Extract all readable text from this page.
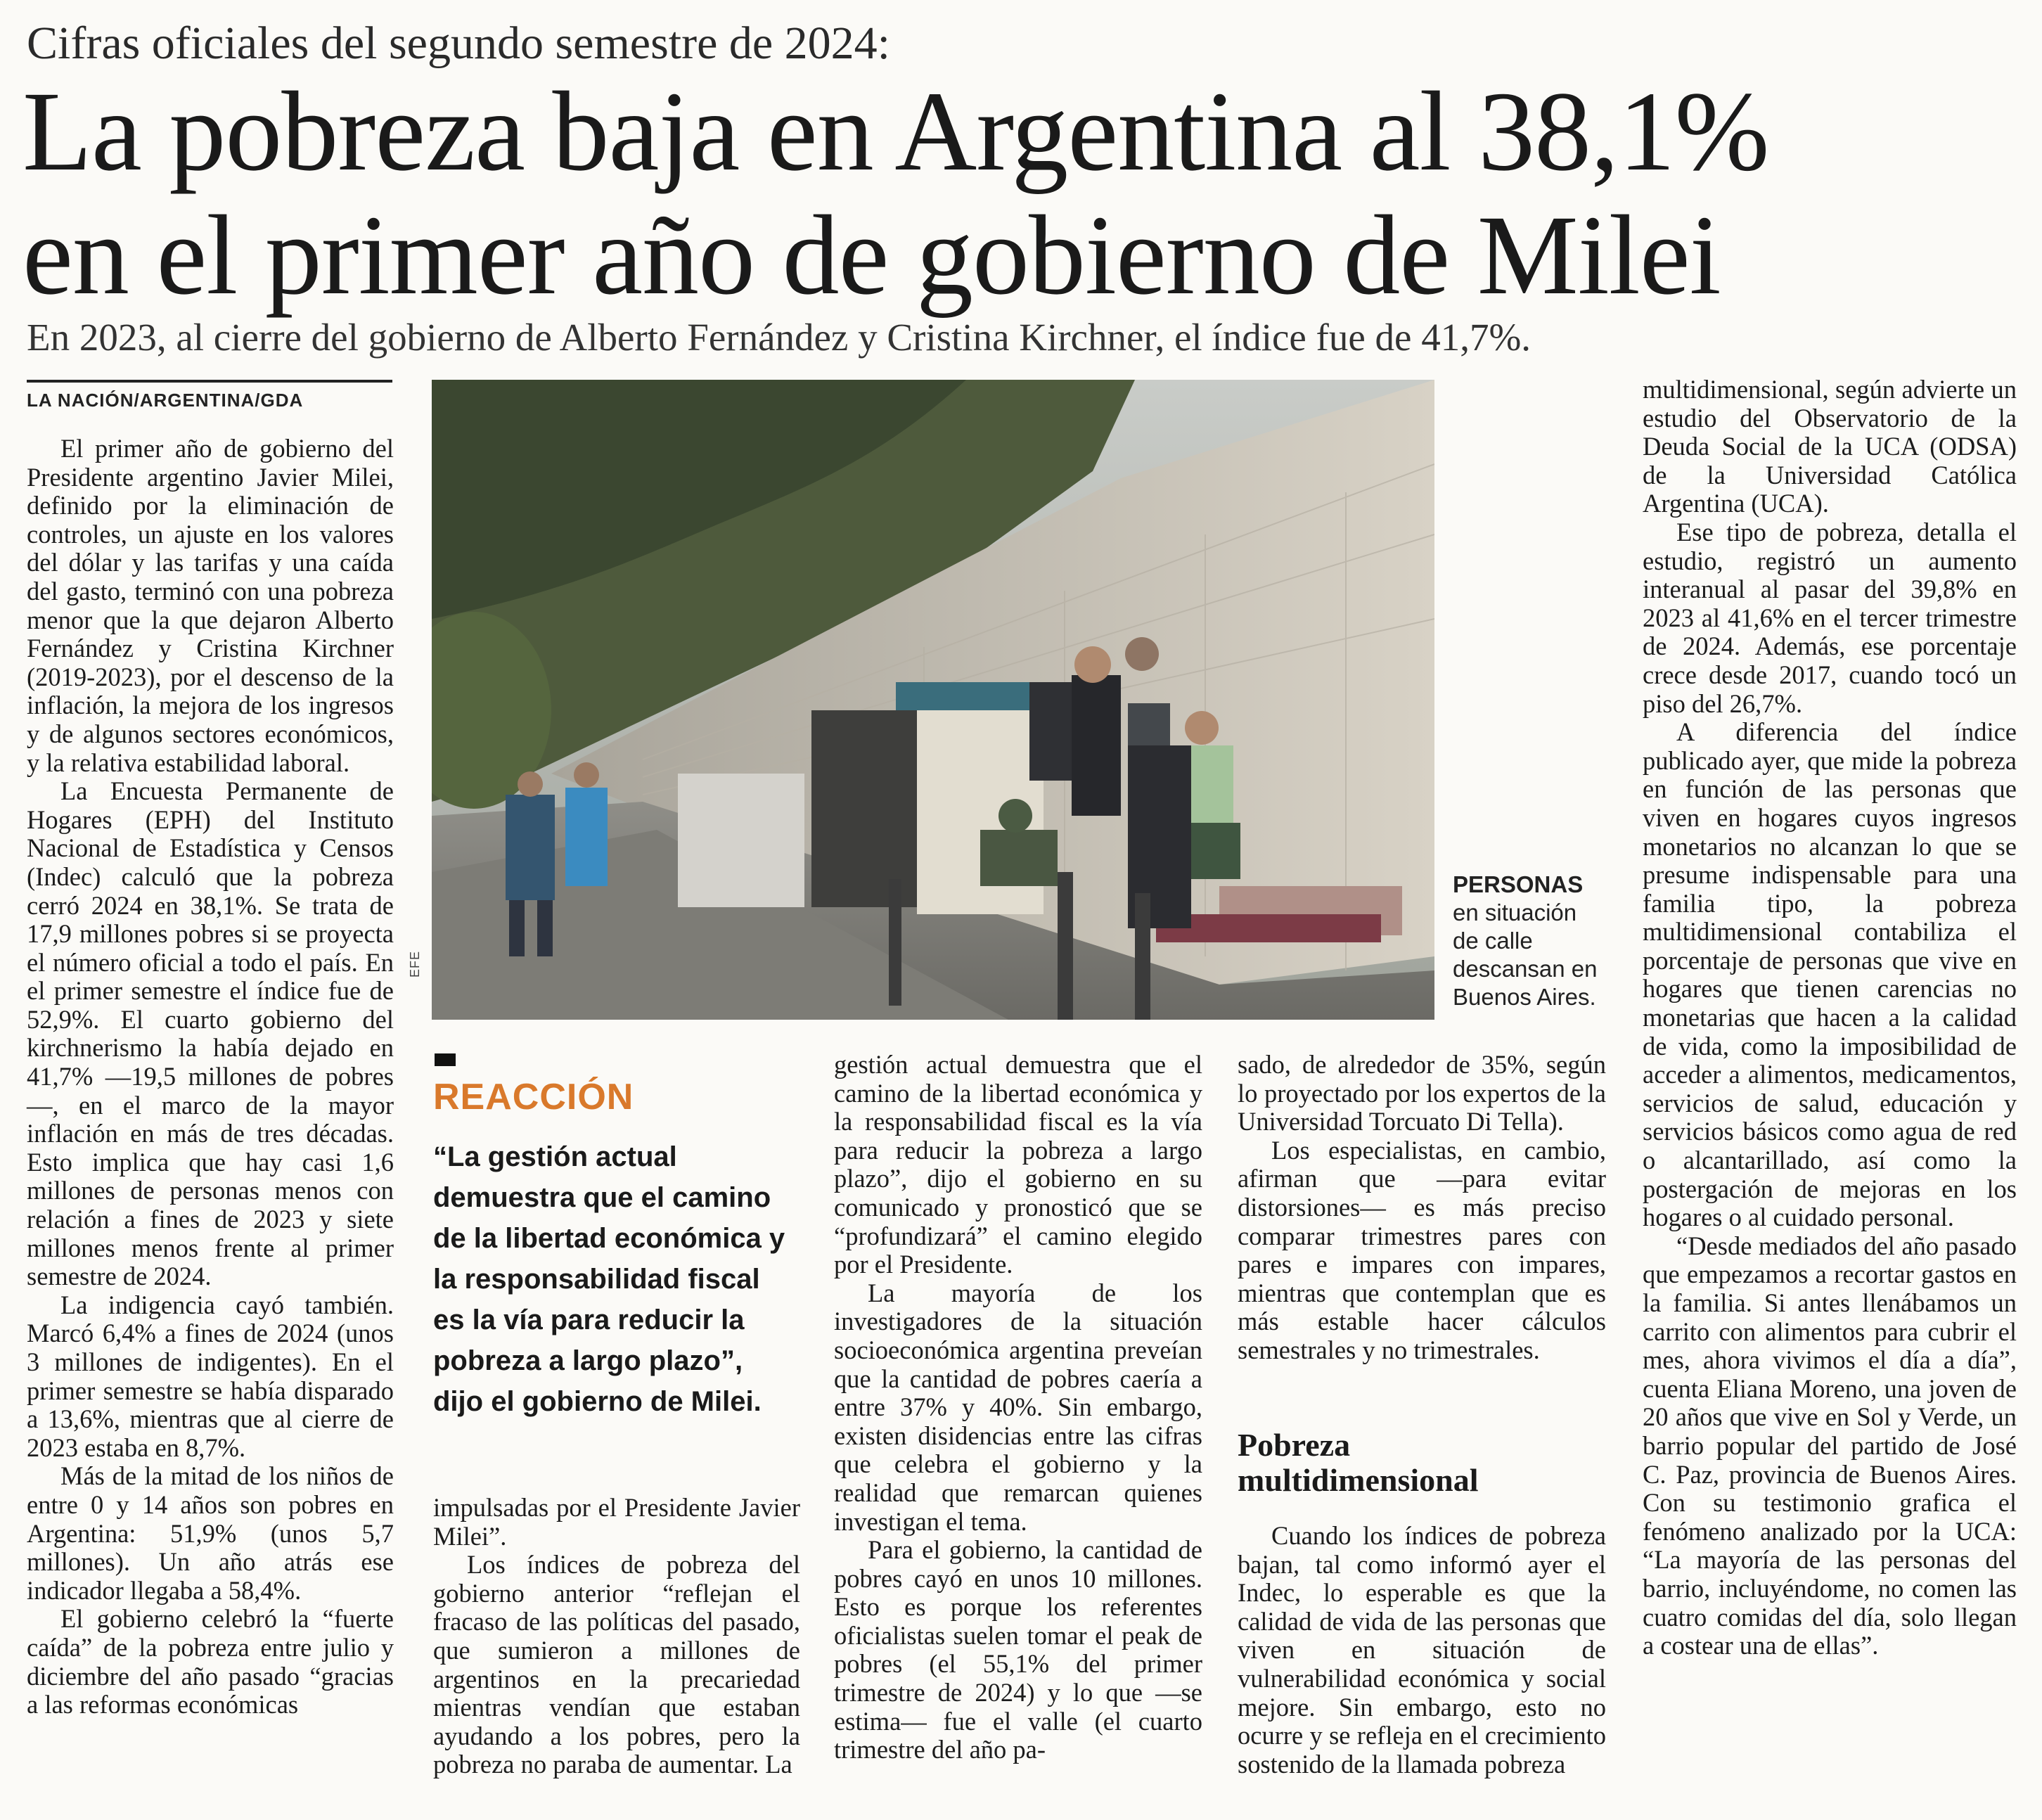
Cifras oficiales del segundo semestre de 2024:
La pobreza baja en Argentina al 38,1%
en el primer año de gobierno de Milei
En 2023, al cierre del gobierno de Alberto Fernández y Cristina Kirchner, el índice fue de 41,7%.
LA NACIÓN/ARGENTINA/GDA

El primer año de gobierno del Presidente argentino Javier Milei, definido por la eliminación de controles, un ajuste en los valores del dólar y las tarifas y una caída del gasto, terminó con una pobreza menor que la que dejaron Alberto Fernández y Cristina Kirchner (2019-2023), por el descenso de la inflación, la mejora de los ingresos y de algunos sectores económicos, y la relativa estabilidad laboral.

La Encuesta Permanente de Hogares (EPH) del Instituto Nacional de Estadística y Censos (Indec) calculó que la pobreza cerró 2024 en 38,1%. Se trata de 17,9 millones pobres si se proyecta el número oficial a todo el país. En el primer semestre el índice fue de 52,9%. El cuarto gobierno del kirchnerismo la había dejado en 41,7% —19,5 millones de pobres—, en el marco de la mayor inflación en más de tres décadas. Esto implica que hay casi 1,6 millones de personas menos con relación a fines de 2023 y siete millones menos frente al primer semestre de 2024.

La indigencia cayó también. Marcó 6,4% a fines de 2024 (unos 3 millones de indigentes). En el primer semestre se había disparado a 13,6%, mientras que al cierre de 2023 estaba en 8,7%.

Más de la mitad de los niños de entre 0 y 14 años son pobres en Argentina: 51,9% (unos 5,7 millones). Un año atrás ese indicador llegaba a 58,4%.

El gobierno celebró la “fuerte caída” de la pobreza entre julio y diciembre del año pasado “gracias a las reformas económicas

EFE
PERSONAS
en situación de calle descansan en Buenos Aires.
REACCIÓN
“La gestión actual demuestra que el camino de la libertad económica y la responsabilidad fiscal es la vía para reducir la pobreza a largo plazo”, dijo el gobierno de Milei.

impulsadas por el Presidente Javier Milei”.

Los índices de pobreza del gobierno anterior “reflejan el fracaso de las políticas del pasado, que sumieron a millones de argentinos en la precariedad mientras vendían que estaban ayudando a los pobres, pero la pobreza no paraba de aumentar. La

gestión actual demuestra que el camino de la libertad económica y la responsabilidad fiscal es la vía para reducir la pobreza a largo plazo”, dijo el gobierno en su comunicado y pronosticó que se “profundizará” el camino elegido por el Presidente.

La mayoría de los investigadores de la situación socioeconómica argentina preveían que la cantidad de pobres caería a entre 37% y 40%. Sin embargo, existen disidencias entre las cifras que celebra el gobierno y la realidad que remarcan quienes investigan el tema.

Para el gobierno, la cantidad de pobres cayó en unos 10 millones. Esto es porque los referentes oficialistas suelen tomar el peak de pobres (el 55,1% del primer trimestre de 2024) y lo que —se estima— fue el valle (el cuarto trimestre del año pa-

sado, de alrededor de 35%, según lo proyectado por los expertos de la Universidad Torcuato Di Tella).

Los especialistas, en cambio, afirman que —para evitar distorsiones— es más preciso comparar trimestres pares con pares e impares con impares, mientras que contemplan que es más estable hacer cálculos semestrales y no trimestrales.

Pobreza
multidimensional

Cuando los índices de pobreza bajan, tal como informó ayer el Indec, lo esperable es que la calidad de vida de las personas que viven en situación de vulnerabilidad económica y social mejore. Sin embargo, esto no ocurre y se refleja en el crecimiento sostenido de la llamada pobreza

multidimensional, según advierte un estudio del Observatorio de la Deuda Social de la UCA (ODSA) de la Universidad Católica Argentina (UCA).

Ese tipo de pobreza, detalla el estudio, registró un aumento interanual al pasar del 39,8% en 2023 al 41,6% en el tercer trimestre de 2024. Además, ese porcentaje crece desde 2017, cuando tocó un piso del 26,7%.

A diferencia del índice publicado ayer, que mide la pobreza en función de las personas que viven en hogares cuyos ingresos monetarios no alcanzan lo que se presume indispensable para una familia tipo, la pobreza multidimensional contabiliza el porcentaje de personas que vive en hogares que tienen carencias no monetarias que hacen a la calidad de vida, como la imposibilidad de acceder a alimentos, medicamentos, servicios de salud, educación y servicios básicos como agua de red o alcantarillado, así como la postergación de mejoras en los hogares o al cuidado personal.

“Desde mediados del año pasado que empezamos a recortar gastos en la familia. Si antes llenábamos un carrito con alimentos para cubrir el mes, ahora vivimos el día a día”, cuenta Eliana Moreno, una joven de 20 años que vive en Sol y Verde, un barrio popular del partido de José C. Paz, provincia de Buenos Aires. Con su testimonio grafica el fenómeno analizado por la UCA: “La mayoría de las personas del barrio, incluyéndome, no comen las cuatro comidas del día, solo llegan a costear una de ellas”.
